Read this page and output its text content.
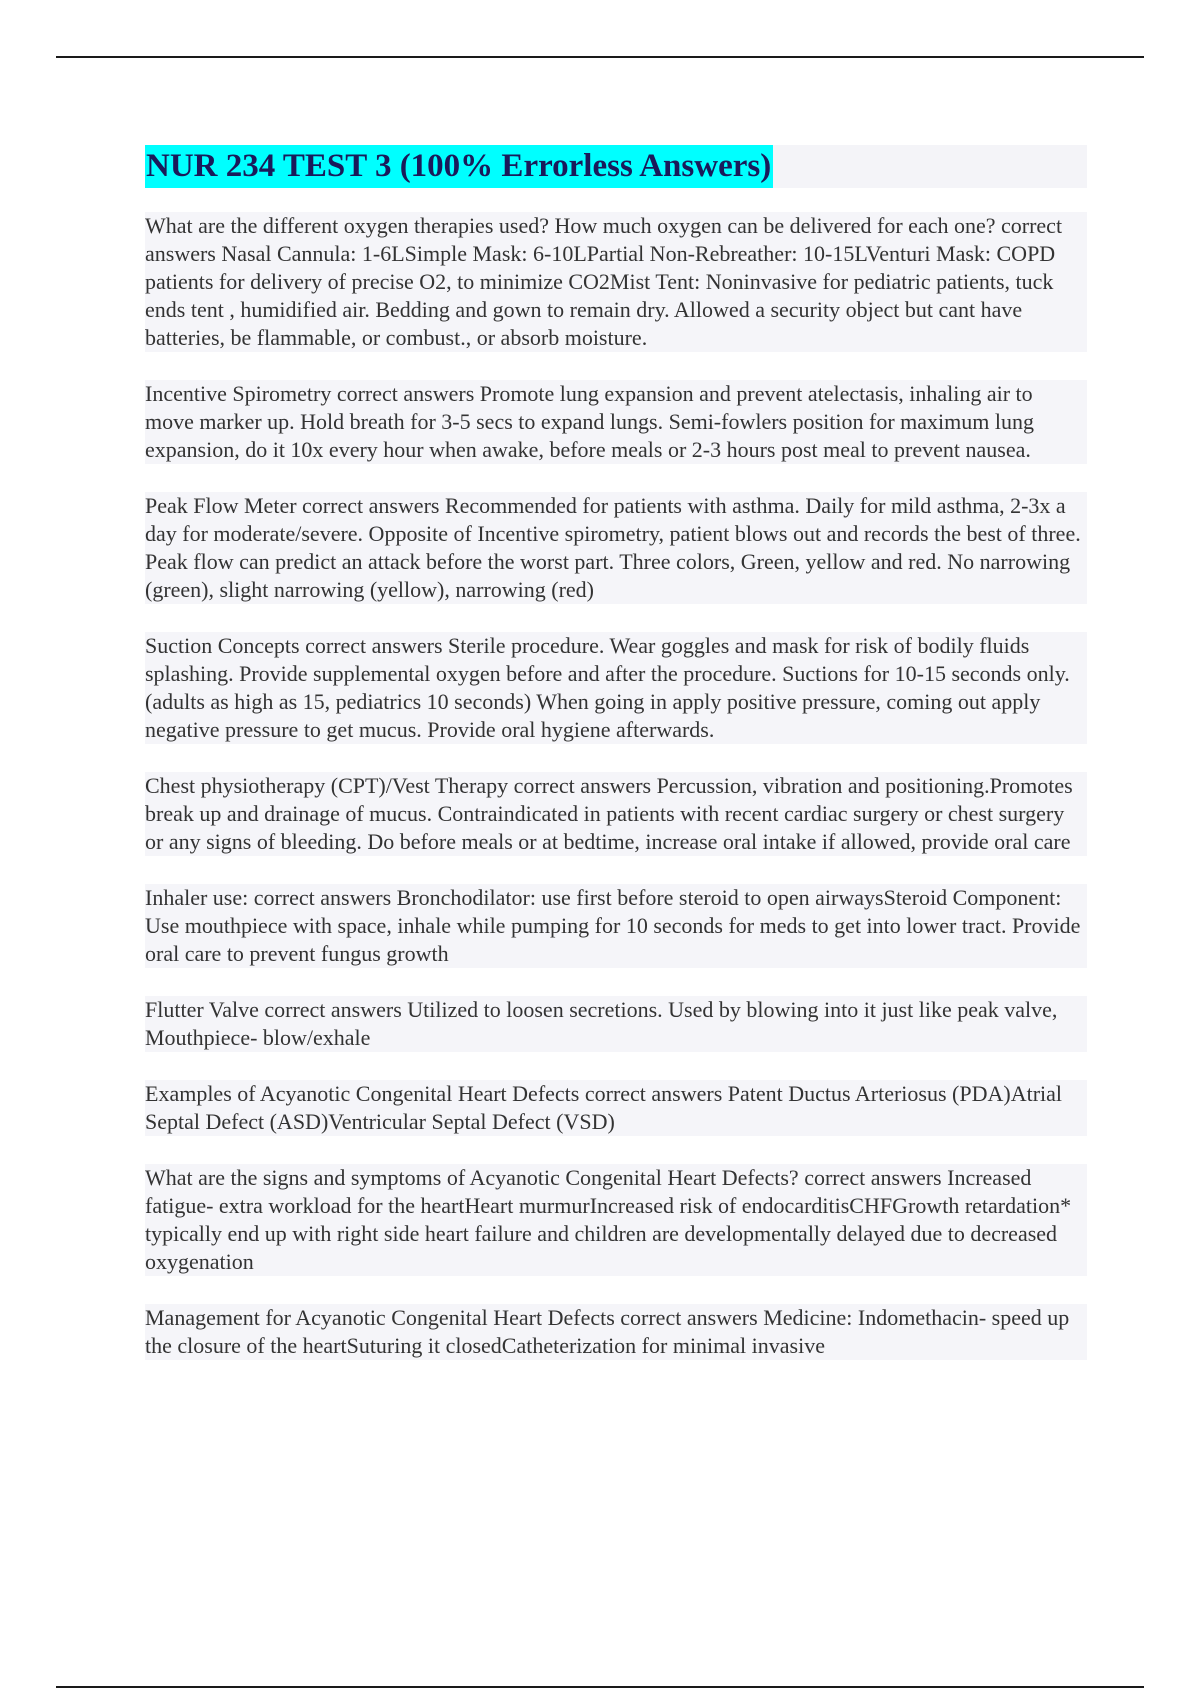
NUR 234 TEST 3 (100% Errorless Answers)

What are the different oxygen therapies used? How much oxygen can be delivered for each one? correct answers Nasal Cannula: 1-6LSimple Mask: 6-10LPartial Non-Rebreather: 10-15LVenturi Mask: COPD patients for delivery of precise O2, to minimize CO2Mist Tent: Noninvasive for pediatric patients, tuck ends tent , humidified air. Bedding and gown to remain dry. Allowed a security object but cant have batteries, be flammable, or combust., or absorb moisture.

Incentive Spirometry correct answers Promote lung expansion and prevent atelectasis, inhaling air to move marker up. Hold breath for 3-5 secs to expand lungs. Semi-fowlers position for maximum lung expansion, do it 10x every hour when awake, before meals or 2-3 hours post meal to prevent nausea.

Peak Flow Meter correct answers Recommended for patients with asthma. Daily for mild asthma, 2-3x a day for moderate/severe. Opposite of Incentive spirometry, patient blows out and records the best of three. Peak flow can predict an attack before the worst part. Three colors, Green, yellow and red. No narrowing (green), slight narrowing (yellow), narrowing (red)

Suction Concepts correct answers Sterile procedure. Wear goggles and mask for risk of bodily fluids splashing. Provide supplemental oxygen before and after the procedure. Suctions for 10-15 seconds only. (adults as high as 15, pediatrics 10 seconds) When going in apply positive pressure, coming out apply negative pressure to get mucus. Provide oral hygiene afterwards.

Chest physiotherapy (CPT)/Vest Therapy correct answers Percussion, vibration and positioning.Promotes break up and drainage of mucus. Contraindicated in patients with recent cardiac surgery or chest surgery or any signs of bleeding. Do before meals or at bedtime, increase oral intake if allowed, provide oral care

Inhaler use: correct answers Bronchodilator: use first before steroid to open airwaysSteroid Component: Use mouthpiece with space, inhale while pumping for 10 seconds for meds to get into lower tract. Provide oral care to prevent fungus growth

Flutter Valve correct answers Utilized to loosen secretions. Used by blowing into it just like peak valve, Mouthpiece- blow/exhale

Examples of Acyanotic Congenital Heart Defects correct answers Patent Ductus Arteriosus (PDA)Atrial Septal Defect (ASD)Ventricular Septal Defect (VSD)

What are the signs and symptoms of Acyanotic Congenital Heart Defects? correct answers Increased fatigue- extra workload for the heartHeart murmurIncreased risk of endocarditisCHFGrowth retardation* typically end up with right side heart failure and children are developmentally delayed due to decreased oxygenation

Management for Acyanotic Congenital Heart Defects correct answers Medicine: Indomethacin- speed up the closure of the heartSuturing it closedCatheterization for minimal invasive
